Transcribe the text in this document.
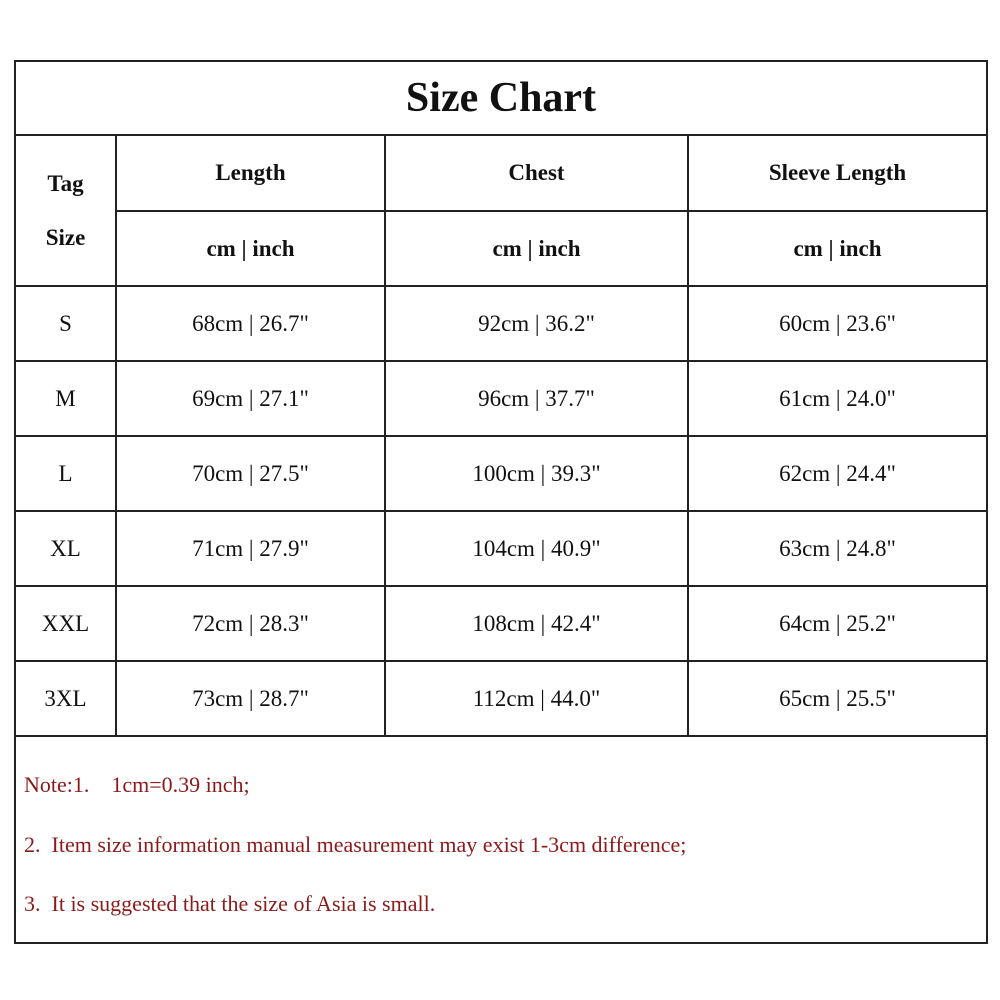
Size Chart
Tag
Size	Length	Chest	Sleeve Length
	cm | inch	cm | inch	cm | inch
S	68cm | 26.7"	92cm | 36.2"	60cm | 23.6"
M	69cm | 27.1"	96cm | 37.7"	61cm | 24.0"
L	70cm | 27.5"	100cm | 39.3"	62cm | 24.4"
XL	71cm | 27.9"	104cm | 40.9"	63cm | 24.8"
XXL	72cm | 28.3"	108cm | 42.4"	64cm | 25.2"
3XL	73cm | 28.7"	112cm | 44.0"	65cm | 25.5"
Note:1.    1cm=0.39 inch;
2.  Item size information manual measurement may exist 1-3cm difference;
3.  It is suggested that the size of Asia is small.
